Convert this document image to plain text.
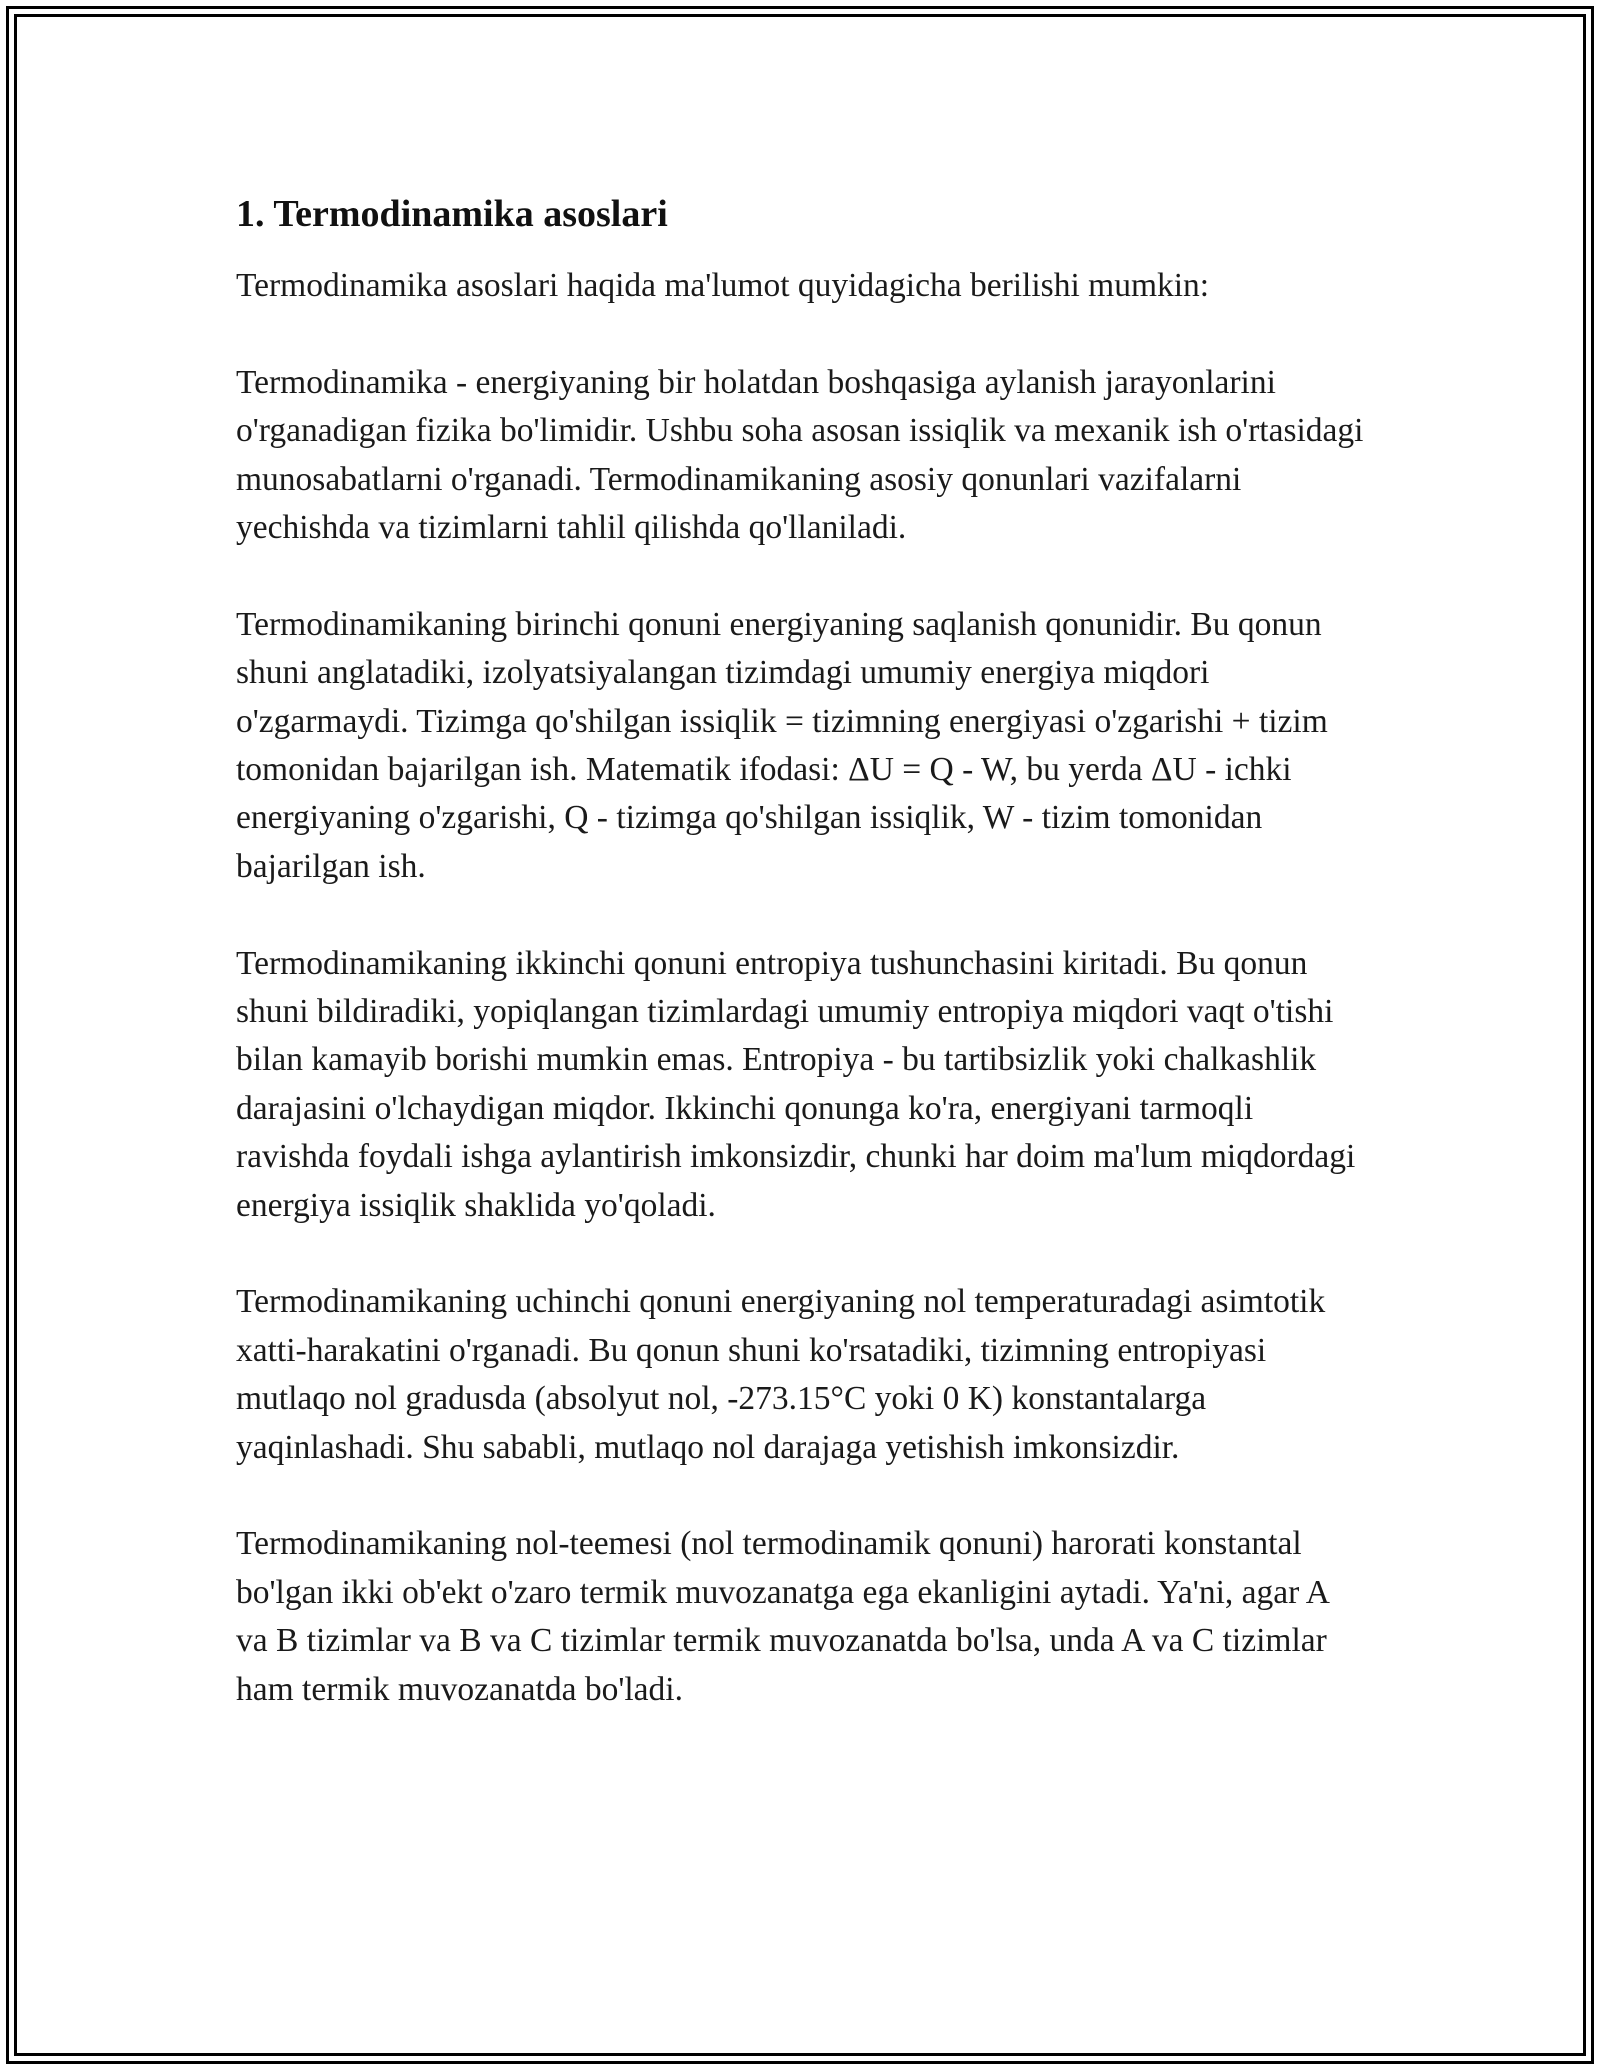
1. Termodinamika asoslari

Termodinamika asoslari haqida ma'lumot quyidagicha berilishi mumkin:

Termodinamika - energiyaning bir holatdan boshqasiga aylanish jarayonlarini o'rganadigan fizika bo'limidir. Ushbu soha asosan issiqlik va mexanik ish o'rtasidagi munosabatlarni o'rganadi. Termodinamikaning asosiy qonunlari vazifalarni yechishda va tizimlarni tahlil qilishda qo'llaniladi.

Termodinamikaning birinchi qonuni energiyaning saqlanish qonunidir. Bu qonun shuni anglatadiki, izolyatsiyalangan tizimdagi umumiy energiya miqdori o'zgarmaydi. Tizimga qo'shilgan issiqlik = tizimning energiyasi o'zgarishi + tizim tomonidan bajarilgan ish. Matematik ifodasi: ΔU = Q - W, bu yerda ΔU - ichki energiyaning o'zgarishi, Q - tizimga qo'shilgan issiqlik, W - tizim tomonidan bajarilgan ish.

Termodinamikaning ikkinchi qonuni entropiya tushunchasini kiritadi. Bu qonun shuni bildiradiki, yopiqlangan tizimlardagi umumiy entropiya miqdori vaqt o'tishi bilan kamayib borishi mumkin emas. Entropiya - bu tartibsizlik yoki chalkashlik darajasini o'lchaydigan miqdor. Ikkinchi qonunga ko'ra, energiyani tarmoqli ravishda foydali ishga aylantirish imkonsizdir, chunki har doim ma'lum miqdordagi energiya issiqlik shaklida yo'qoladi.

Termodinamikaning uchinchi qonuni energiyaning nol temperaturadagi asimtotik xatti-harakatini o'rganadi. Bu qonun shuni ko'rsatadiki, tizimning entropiyasi mutlaqo nol gradusda (absolyut nol, -273.15°C yoki 0 K) konstantalarga yaqinlashadi. Shu sababli, mutlaqo nol darajaga yetishish imkonsizdir.

Termodinamikaning nol-teemesi (nol termodinamik qonuni) harorati konstantal bo'lgan ikki ob'ekt o'zaro termik muvozanatga ega ekanligini aytadi. Ya'ni, agar A va B tizimlar va B va C tizimlar termik muvozanatda bo'lsa, unda A va C tizimlar ham termik muvozanatda bo'ladi.
